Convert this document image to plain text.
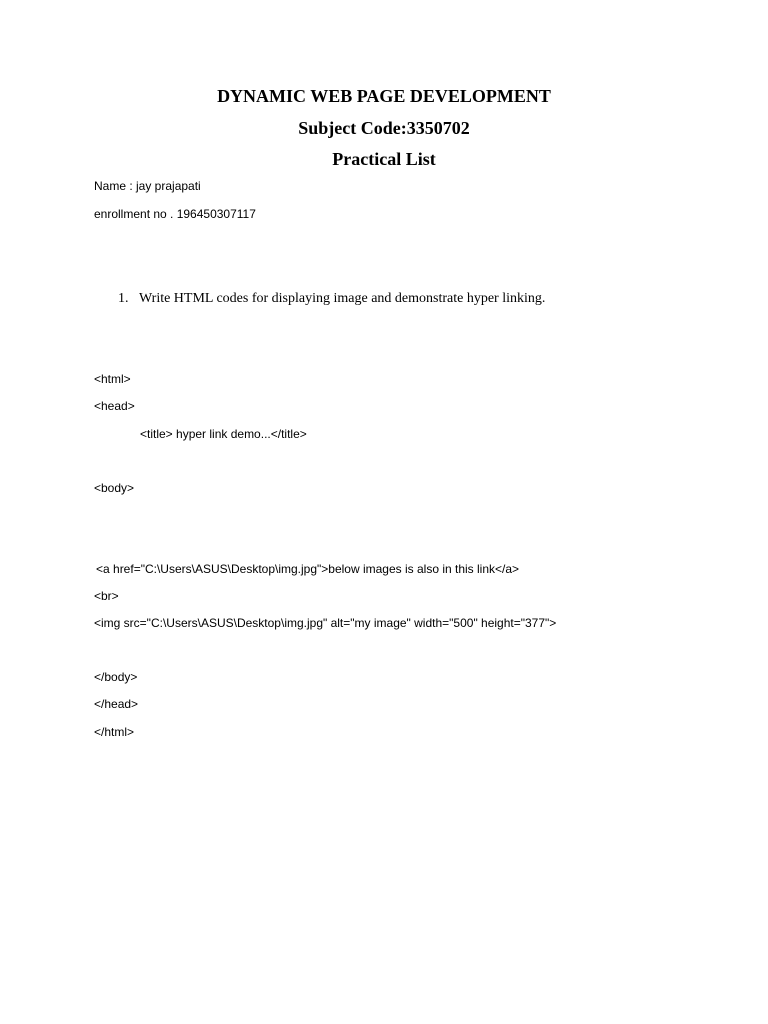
DYNAMIC WEB PAGE DEVELOPMENT
Subject Code:3350702
Practical List
Name : jay prajapati
enrollment no . 196450307117
1. Write HTML codes for displaying image and demonstrate hyper linking.
<html>
<head>
<title> hyper link demo...</title>
<body>
<a href="C:\Users\ASUS\Desktop\img.jpg">below images is also in this link</a>
<br>
<img src="C:\Users\ASUS\Desktop\img.jpg" alt="my image" width="500" height="377">
</body>
</head>
</html>
